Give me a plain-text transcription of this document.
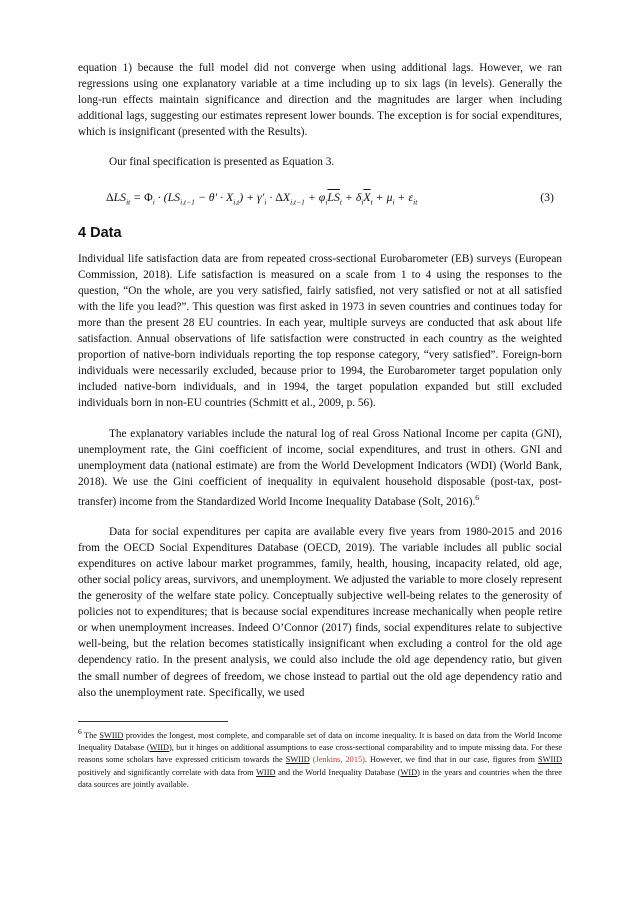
equation 1) because the full model did not converge when using additional lags. However, we ran regressions using one explanatory variable at a time including up to six lags (in levels). Generally the long-run effects maintain significance and direction and the magnitudes are larger when including additional lags, suggesting our estimates represent lower bounds. The exception is for social expenditures, which is insignificant (presented with the Results).

Our final specification is presented as Equation 3.

$\Delta LS_{it} = \Phi_i \cdot (LS_{i,t-1} - \theta' \cdot X_{i,t}) + \gamma'_i \cdot \Delta X_{i,t-1} + \varphi_i\overline{LS}_t + \delta_i\overline{X}_t + \mu_i + \varepsilon_{it}$	(3)
4 Data

Individual life satisfaction data are from repeated cross-sectional Eurobarometer (EB) surveys (European Commission, 2018). Life satisfaction is measured on a scale from 1 to 4 using the responses to the question, “On the whole, are you very satisfied, fairly satisfied, not very satisfied or not at all satisfied with the life you lead?”. This question was first asked in 1973 in seven countries and continues today for more than the present 28 EU countries. In each year, multiple surveys are conducted that ask about life satisfaction. Annual observations of life satisfaction were constructed in each country as the weighted proportion of native-born individuals reporting the top response category, “very satisfied”. Foreign-born individuals were necessarily excluded, because prior to 1994, the Eurobarometer target population only included native-born individuals, and in 1994, the target population expanded but still excluded individuals born in non-EU countries (Schmitt et al., 2009, p. 56).

The explanatory variables include the natural log of real Gross National Income per capita (GNI), unemployment rate, the Gini coefficient of income, social expenditures, and trust in others. GNI and unemployment data (national estimate) are from the World Development Indicators (WDI) (World Bank, 2018). We use the Gini coefficient of inequality in equivalent household disposable (post-tax, post-transfer) income from the Standardized World Income Inequality Database (Solt, 2016).$^6$

Data for social expenditures per capita are available every five years from 1980-2015 and 2016 from the OECD Social Expenditures Database (OECD, 2019). The variable includes all public social expenditures on active labour market programmes, family, health, housing, incapacity related, old age, other social policy areas, survivors, and unemployment. We adjusted the variable to more closely represent the generosity of the welfare state policy. Conceptually subjective well-being relates to the generosity of policies not to expenditures; that is because social expenditures increase mechanically when people retire or when unemployment increases. Indeed O’Connor (2017) finds, social expenditures relate to subjective well-being, but the relation becomes statistically insignificant when excluding a control for the old age dependency ratio. In the present analysis, we could also include the old age dependency ratio, but given the small number of degrees of freedom, we chose instead to partial out the old age dependency ratio and also the unemployment rate. Specifically, we used

$^6$ The SWIID provides the longest, most complete, and comparable set of data on income inequality. It is based on data from the World Income Inequality Database (WIID), but it hinges on additional assumptions to ease cross-sectional comparability and to impute missing data. For these reasons some scholars have expressed criticism towards the SWIID (Jenkins, 2015). However, we find that in our case, figures from SWIID positively and significantly correlate with data from WIID and the World Inequality Database (WID) in the years and countries when the three data sources are jointly available.
